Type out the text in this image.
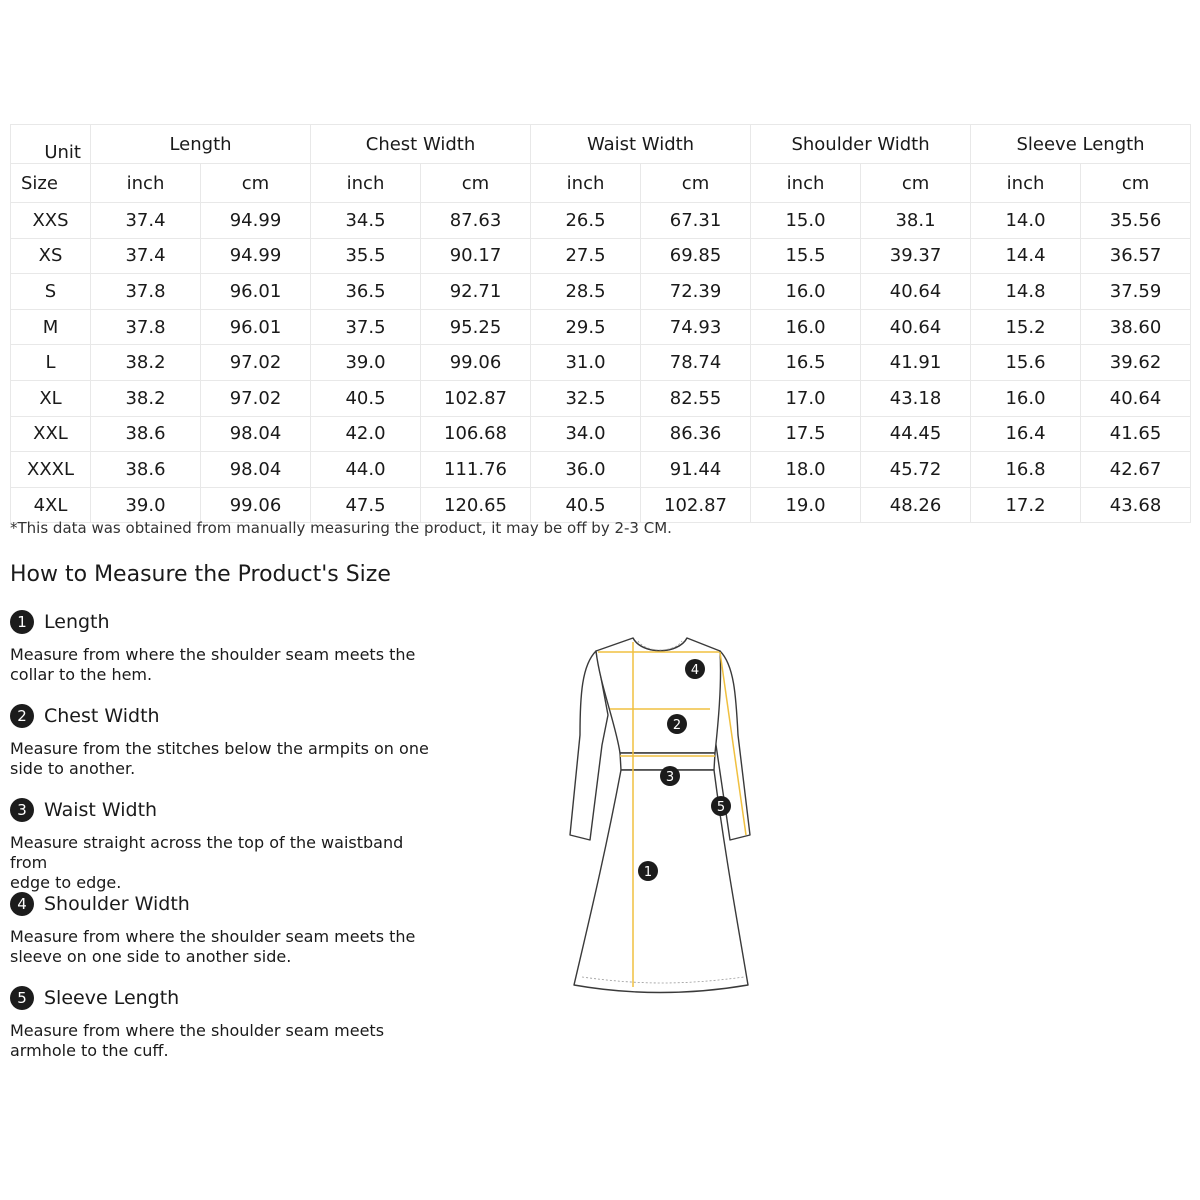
Unit	Length		Chest Width		Waist Width		Shoulder Width		Sleeve Length	
Size	inch	cm	inch	cm	inch	cm	inch	cm	inch	cm
XXS	37.4	94.99	34.5	87.63	26.5	67.31	15.0	38.1	14.0	35.56
XS	37.4	94.99	35.5	90.17	27.5	69.85	15.5	39.37	14.4	36.57
S	37.8	96.01	36.5	92.71	28.5	72.39	16.0	40.64	14.8	37.59
M	37.8	96.01	37.5	95.25	29.5	74.93	16.0	40.64	15.2	38.60
L	38.2	97.02	39.0	99.06	31.0	78.74	16.5	41.91	15.6	39.62
XL	38.2	97.02	40.5	102.87	32.5	82.55	17.0	43.18	16.0	40.64
XXL	38.6	98.04	42.0	106.68	34.0	86.36	17.5	44.45	16.4	41.65
XXXL	38.6	98.04	44.0	111.76	36.0	91.44	18.0	45.72	16.8	42.67
4XL	39.0	99.06	47.5	120.65	40.5	102.87	19.0	48.26	17.2	43.68
*This data was obtained from manually measuring the product, it may be off by 2-3 CM.
How to Measure the Product's Size
1 Length
Measure from where the shoulder seam meets the
collar to the hem.
2 Chest Width
Measure from the stitches below the armpits on one
side to another.
3 Waist Width
Measure straight across the top of the waistband from
edge to edge.
4 Shoulder Width
Measure from where the shoulder seam meets the
sleeve on one side to another side.
5 Sleeve Length
Measure from where the shoulder seam meets
armhole to the cuff.
1
2
3
4
5
